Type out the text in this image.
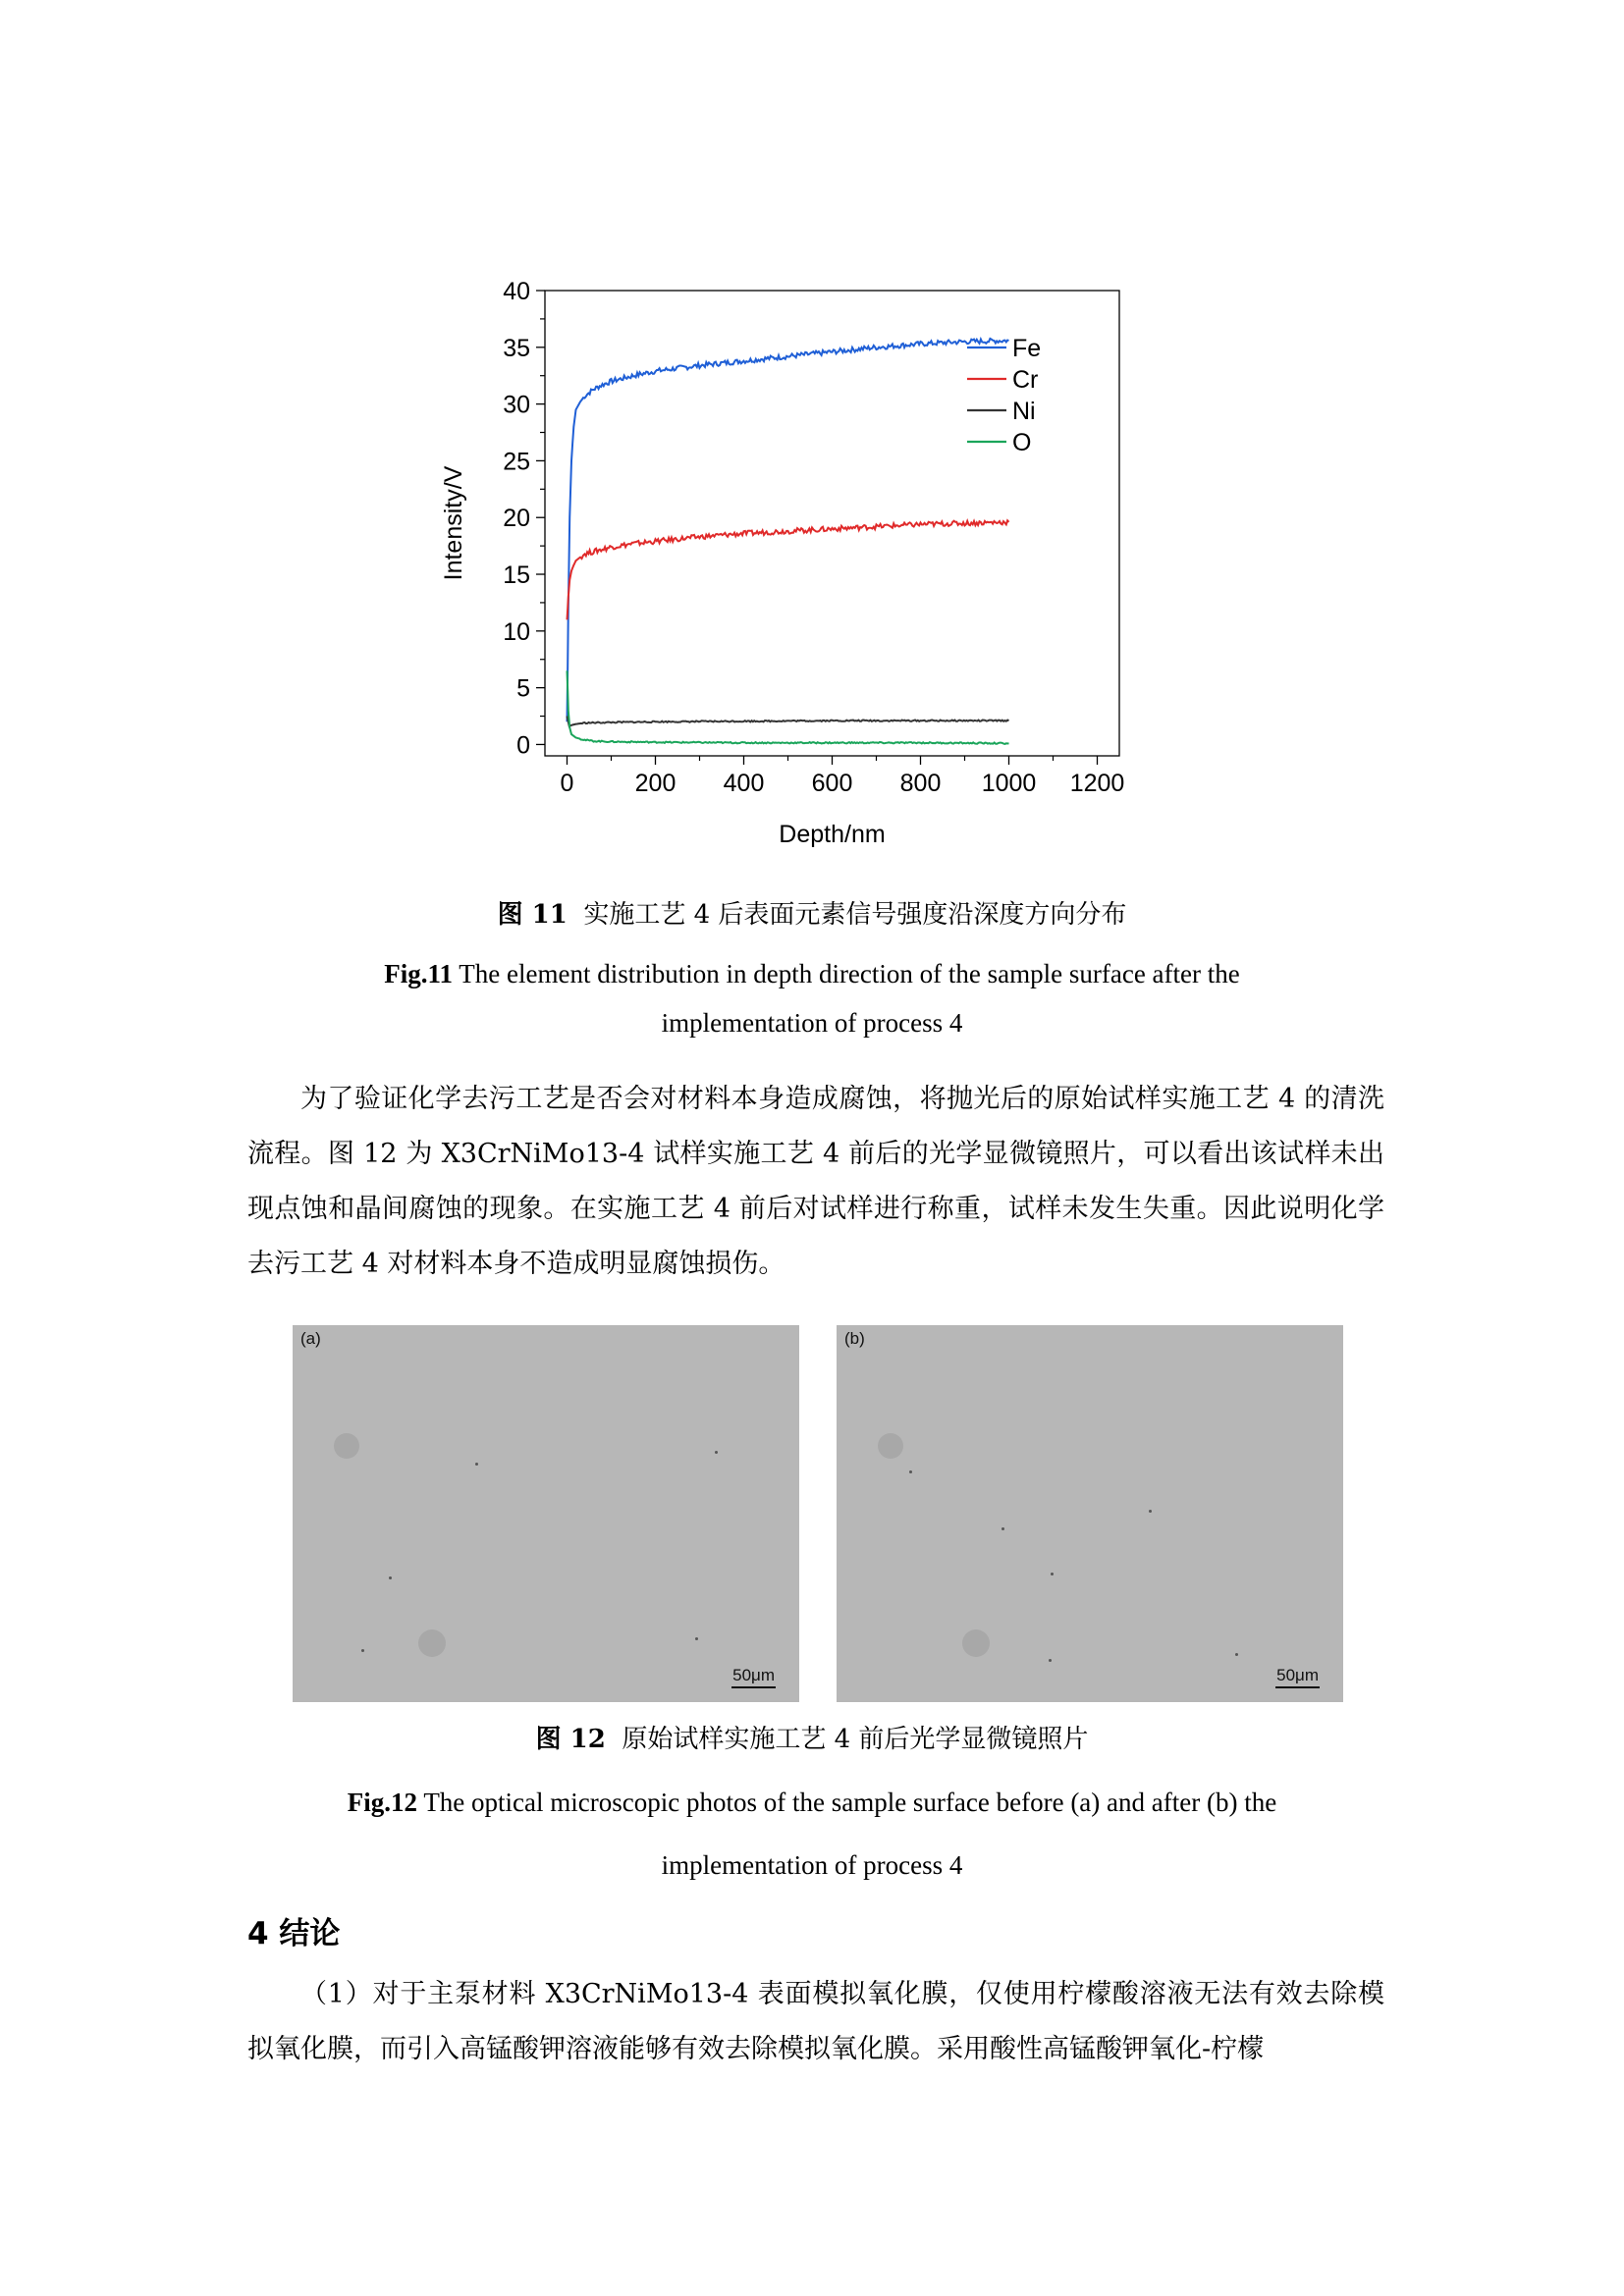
0 200 400 600 800 1000 1200
0
5
10
15
20
25
30
35
40
Depth/nm
Intensity/V
Fe
Cr
Ni
O
图 11 实施工艺 4 后表面元素信号强度沿深度方向分布
Fig.11 The element distribution in depth direction of the sample surface after the
implementation of process 4
为了验证化学去污工艺是否会对材料本身造成腐蚀，将抛光后的原始试样实施工艺 4 的清洗流程。图 12 为 X3CrNiMo13-4 试样实施工艺 4 前后的光学显微镜照片，可以看出该试样未出现点蚀和晶间腐蚀的现象。在实施工艺 4 前后对试样进行称重，试样未发生失重。因此说明化学去污工艺 4 对材料本身不造成明显腐蚀损伤。
(a)
50μm
(b)
50μm
图 12 原始试样实施工艺 4 前后光学显微镜照片
Fig.12 The optical microscopic photos of the sample surface before (a) and after (b) the
implementation of process 4
4 结论
（1）对于主泵材料 X3CrNiMo13-4 表面模拟氧化膜，仅使用柠檬酸溶液无法有效去除模拟氧化膜，而引入高锰酸钾溶液能够有效去除模拟氧化膜。采用酸性高锰酸钾氧化-柠檬
